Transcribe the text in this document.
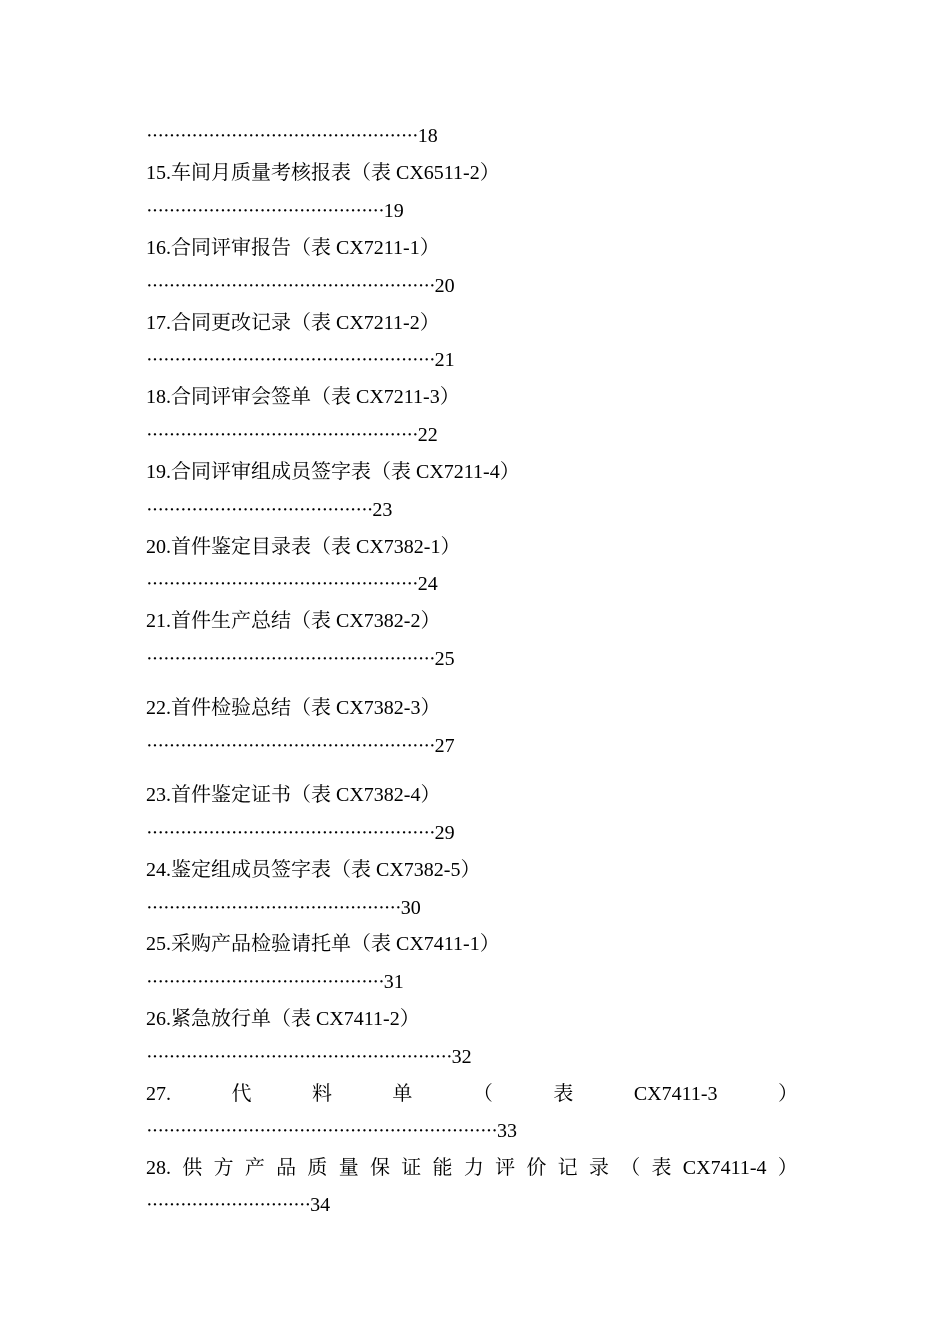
················································18
15.车间月质量考核报表（表 CX6511-2）
··········································19
16.合同评审报告（表 CX7211-1）
···················································20
17.合同更改记录（表 CX7211-2）
···················································21
18.合同评审会签单（表 CX7211-3）
················································22
19.合同评审组成员签字表（表 CX7211-4）
········································23
20.首件鉴定目录表（表 CX7382-1）
················································24
21.首件生产总结（表 CX7382-2）
···················································25
22.首件检验总结（表 CX7382-3）
···················································27
23.首件鉴定证书（表 CX7382-4）
···················································29
24.鉴定组成员签字表（表 CX7382-5）
·············································30
25.采购产品检验请托单（表 CX7411-1）
··········································31
26.紧急放行单（表 CX7411-2）
······················································32
27.	代	料	单	（	表	CX7411-3	）
······························································33
28. 供 方 产 品 质 量 保 证 能 力 评 价 记 录 （ 表 CX7411-4 ）
·····························34
